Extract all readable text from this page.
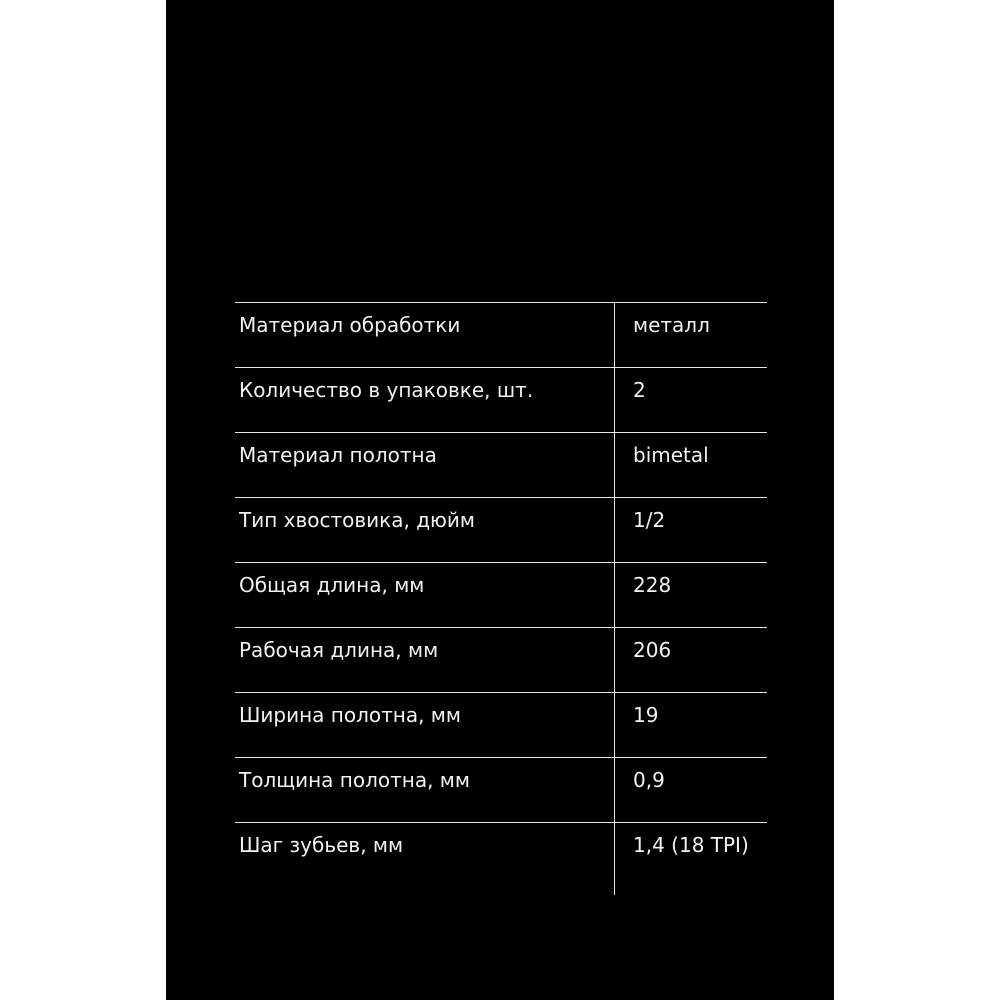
Материал обработки	металл
Количество в упаковке, шт.	2
Материал полотна	bimetal
Тип хвостовика, дюйм	1/2
Общая длина, мм	228
Рабочая длина, мм	206
Ширина полотна, мм	19
Толщина полотна, мм	0,9
Шаг зубьев, мм	1,4 (18 TPI)
